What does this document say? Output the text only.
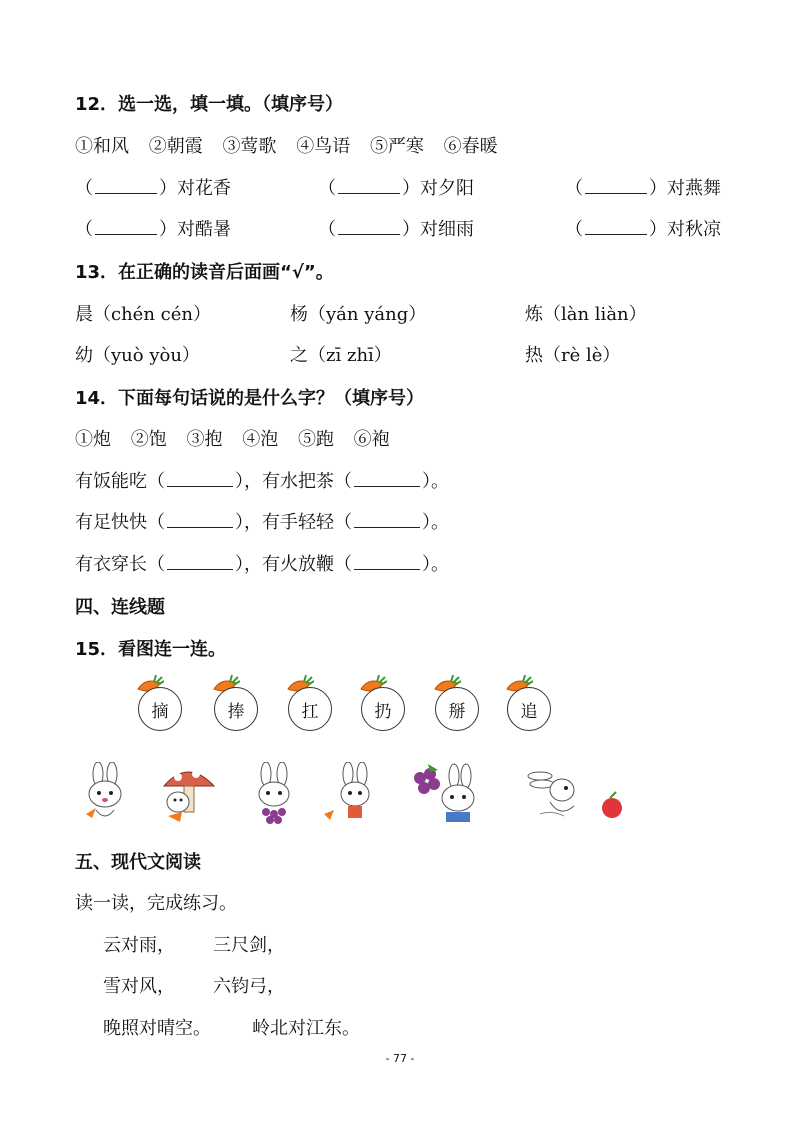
12．选一选，填一填。（填序号）
①和风 ②朝霞 ③莺歌 ④鸟语 ⑤严寒 ⑥春暖
（	）对花香	（	）对夕阳	（	）对燕舞
（	）对酷暑	（	）对细雨	（	）对秋凉
13．在正确的读音后面画“√”。
晨（chén cén）	杨（yán yáng）	炼（làn liàn）
幼（yuò yòu）	之（zī zhī）	热（rè lè）
14．下面每句话说的是什么字？（填序号）
①炮 ②饱 ③抱 ④泡 ⑤跑 ⑥袍
有饭能吃（	），有水把茶（	）。
有足快快（	），有手轻轻（	）。
有衣穿长（	），有火放鞭（	）。
四、连线题
15．看图连一连。
摘	捧	扛	扔	掰	追
五、现代文阅读
读一读，完成练习。
云对雨， 三尺剑，
雪对风， 六钧弓，
晚照对晴空。 岭北对江东。
- 77 -
